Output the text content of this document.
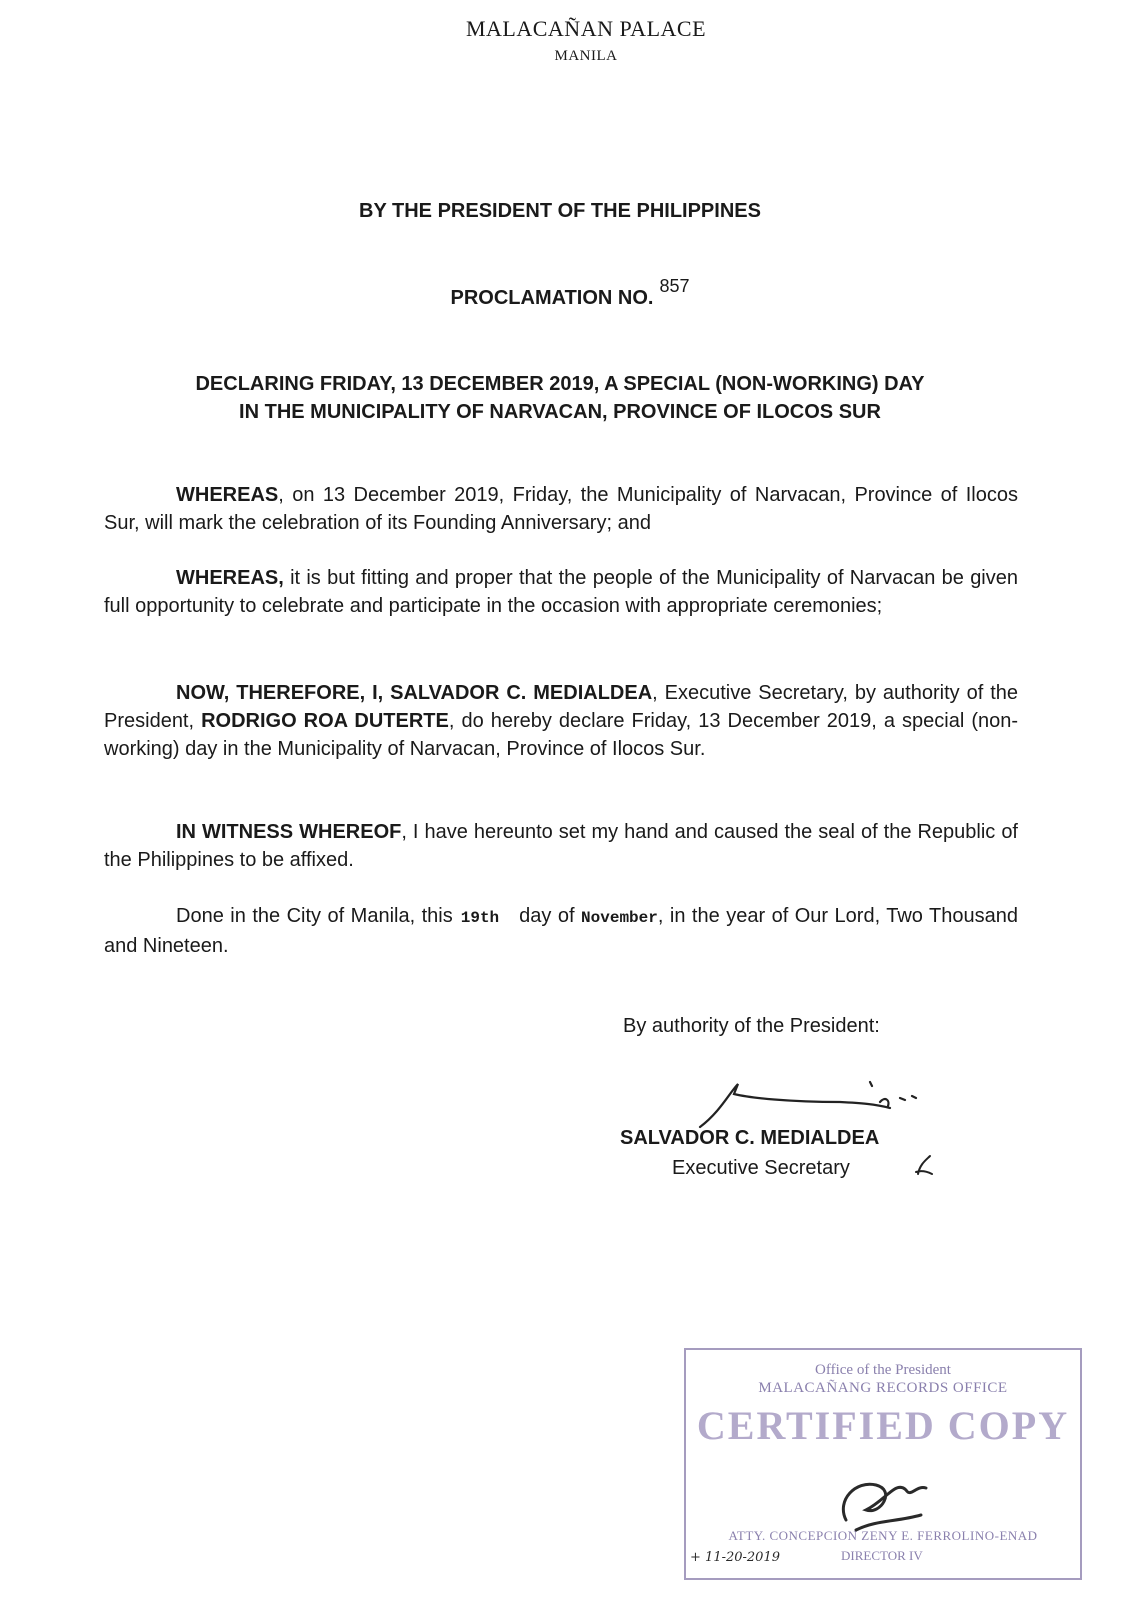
MALACAÑAN PALACE
MANILA
BY THE PRESIDENT OF THE PHILIPPINES
PROCLAMATION NO.857
DECLARING FRIDAY, 13 DECEMBER 2019, A SPECIAL (NON-WORKING) DAY
IN THE MUNICIPALITY OF NARVACAN, PROVINCE OF ILOCOS SUR
WHEREAS, on 13 December 2019, Friday, the Municipality of Narvacan, Province of Ilocos Sur, will mark the celebration of its Founding Anniversary; and
WHEREAS, it is but fitting and proper that the people of the Municipality of Narvacan be given full opportunity to celebrate and participate in the occasion with appropriate ceremonies;
NOW, THEREFORE, I, SALVADOR C. MEDIALDEA, Executive Secretary, by authority of the President, RODRIGO ROA DUTERTE, do hereby declare Friday, 13 December 2019, a special (non-working) day in the Municipality of Narvacan, Province of Ilocos Sur.
IN WITNESS WHEREOF, I have hereunto set my hand and caused the seal of the Republic of the Philippines to be affixed.
Done in the City of Manila, this 19th day of November, in the year of Our Lord, Two Thousand and Nineteen.
By authority of the President:
SALVADOR C. MEDIALDEA
Executive Secretary
Office of the President
MALACAÑANG RECORDS OFFICE
CERTIFIED COPY
ATTY. CONCEPCION ZENY E. FERROLINO-ENAD
DIRECTOR IV
+ 11-20-2019
